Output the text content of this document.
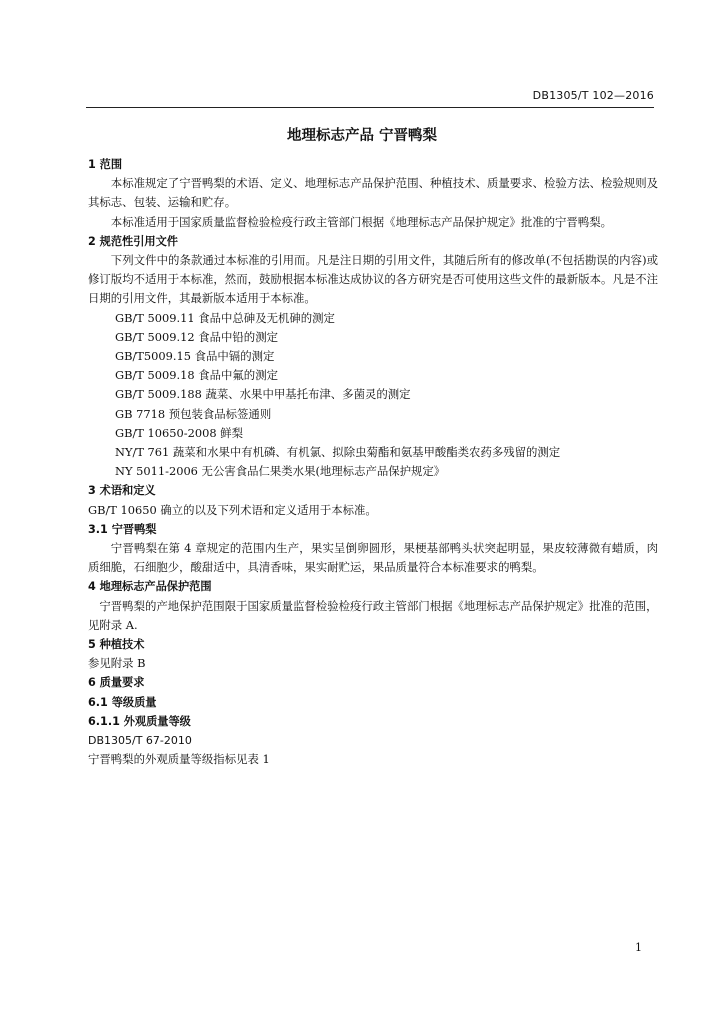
DB1305/T 102—2016
地理标志产品 宁晋鸭梨
1 范围
本标准规定了宁晋鸭梨的术语、定义、地理标志产品保护范围、种植技术、质量要求、检验方法、检验规则及其标志、包装、运输和贮存。
本标准适用于国家质量监督检验检疫行政主管部门根据《地理标志产品保护规定》批准的宁晋鸭梨。
2 规范性引用文件
下列文件中的条款通过本标准的引用而。凡是注日期的引用文件，其随后所有的修改单(不包括勘误的内容)或修订版均不适用于本标准，然而，鼓励根据本标准达成协议的各方研究是否可使用这些文件的最新版本。凡是不注日期的引用文件，其最新版本适用于本标准。
GB/T 5009.11 食品中总砷及无机砷的测定
GB/T 5009.12 食品中铅的测定
GB/T5009.15 食品中镉的测定
GB/T 5009.18 食品中氟的测定
GB/T 5009.188 蔬菜、水果中甲基托布津、多菌灵的测定
GB 7718 预包装食品标签通则
GB/T 10650-2008 鲜梨
NY/T 761 蔬菜和水果中有机磷、有机氯、拟除虫菊酯和氨基甲酸酯类农药多残留的测定
NY 5011-2006 无公害食品仁果类水果(地理标志产品保护规定》
3 术语和定义
GB/T 10650 确立的以及下列术语和定义适用于本标准。
3.1 宁晋鸭梨
宁晋鸭梨在第 4 章规定的范围内生产，果实呈倒卵圆形，果梗基部鸭头状突起明显，果皮较薄微有蜡质，肉质细脆，石细胞少，酸甜适中，具清香味，果实耐贮运，果品质量符合本标准要求的鸭梨。
4 地理标志产品保护范围
宁晋鸭梨的产地保护范围限于国家质量监督检验检疫行政主管部门根据《地理标志产品保护规定》批准的范围，见附录 A.
5 种植技术
参见附录 B
6 质量要求
6.1 等级质量
6.1.1 外观质量等级
DB1305/T 67-2010
宁晋鸭梨的外观质量等级指标见表 1
1
